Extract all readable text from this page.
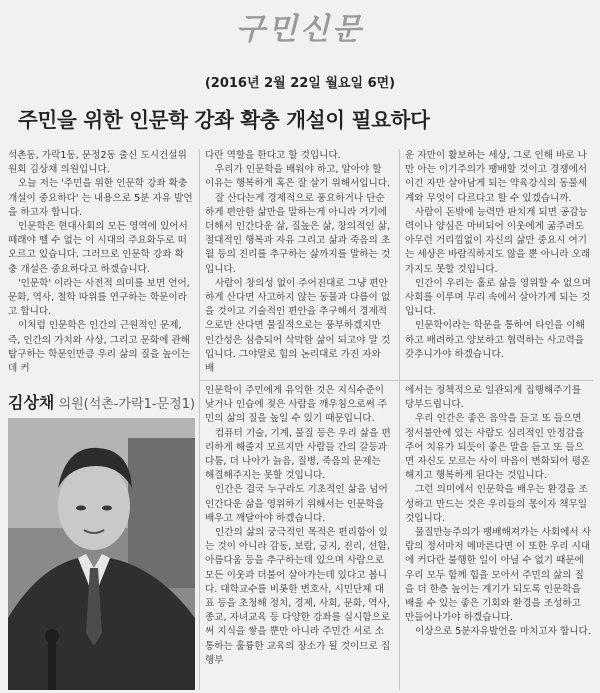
구민신문
(2016년 2월 22일 월요일 6면)
주민을 위한 인문학 강좌 확충 개설이 필요하다

석촌동, 가락1동, 문정2동 출신 도시건설위원회 김상채 의원입니다.

오늘 저는 '주민을 위한 인문학 강좌 확충 개설이 중요하다' 는 내용으로 5분 자유 발언을 하고자 합니다.

인문학은 현대사회의 모든 영역에 있어서 떼래야 뗄 수 없는 이 시대의 주요화두로 떠오르고 있습니다. 그러므로 인문학 강좌 확충 개설은 중요하다고 하겠습니다.

'인문학' 이라는 사전적 의미를 보면 언어, 문화, 역사, 철학 따위를 연구하는 학문이라고 합니다.

이처럼 인문학은 인간의 근원적인 문제, 즉, 인간의 가치와 사상, 그리고 문화에 관해 탐구하는 학문인만큼 우리 삶의 질을 높이는데 커

다란 역할을 한다고 할 것입니다.

우리가 인문학을 배워야 하고, 알아야 할 이유는 행복하게 혹은 잘 살기 위해서입니다.

잘 산다는게 경제적으로 풍요하거나 단순하게 편안한 삶만을 말하는게 아니라 거기에 더해서 인간다운 삶, 질높은 삶, 창의적인 삶, 절대적인 행복과 자유 그리고 삶과 죽음의 초월 등의 진리를 추구하는 삶까지를 말하는 것입니다.

사람이 창의성 없이 주어진대로 그냥 편안하게 산다면 사고하지 않는 동물과 다름이 없을 것이고 기술적인 편안을 추구해서 경제적으로만 산다면 물질적으로는 풍부하겠지만 인간성은 심층되어 삭막한 삶이 되고야 말 것입니다. 그야말로 힘의 논리대로 가진 자와 배

운 자만이 활보하는 세상, 그로 인해 바로 나만 아는 이기주의가 팽배할 것이고 경쟁에서 이긴 자만 살아남게 되는 약육강식의 동물세계와 무엇이 다르다고 할 수 있겠습니까.

사람이 돈밖에 능력만 판치게 되면 공감능력이나 양심은 마비되어 이웃에게 굶주려도 아무런 거리낌없이 자신의 삶만 중요시 여기는 세상은 바람직하지도 않을 뿐 아니라 오래가지도 못할 것입니다.

인간이 우리는 홀로 삶을 영위할 수 없으며 사회를 이루며 무리 속에서 살아가게 되는 것입니다.

인문학이라는 학문을 통하여 타인을 이해하고 배려하고 양보하고 협력하는 사고력을 갖추니가야 하겠습니다.

김상채 의원(석촌-가락1-문정1)

인문학이 주민에게 유익한 것은 지식수준이 낮거나 인습에 젖은 사람을 깨우침으로써 주민의 삶의 질을 높일 수 있기 때문입니다.

컴퓨터 기술, 기계, 물질 등은 우리 삶을 편리하게 해줄지 모르지만 사람들 간의 갈등과 다툼, 더 나아가 늙음, 질병, 죽음의 문제는 해결해주지는 못할 것입니다.

인간은 결국 누구라도 기초적인 삶을 넘어 인간다운 삶을 영위하기 위해서는 인문학을 배우고 깨달아야 하겠습니다.

인간의 삶의 궁극적인 목적은 편리함이 있는 것이 아니라 감동, 보람, 긍지, 진리, 선함, 아름다움 등을 추구하는데 있으며 사람으로 모든 이웃과 더불어 살아가는데 있다고 봅니다. 대학교수를 비롯한 변호사, 시민단체 대표 등을 초청해 정치, 경제, 사회, 문화, 역사, 종교, 자녀교육 등 다양한 강좌를 실시함으로써 지식을 쌓을 뿐만 아니라 주민간 서로 소통하는 훌륭한 교육의 장소가 될 것이므로 집행부

에서는 정책적으로 일관되게 집행해주기를 당부드립니다.

우리 인간은 좋은 음악을 듣고 또 들으면 정서불안에 있는 사람도 심리적인 안정감을 주어 치유가 되듯이 좋은 말을 듣고 또 들으면 자신도 모르는 사이 마음이 변화되어 평온해지고 행복하게 된다는 것입니다.

그런 의미에서 인문학을 배우는 환경을 조성하고 만드는 것은 우리들의 몫이자 책무일 것입니다.

물질만능주의가 팽배해져가는 사회에서 사람의 정서마저 메마른다면 이 또한 우리 시대에 커다란 불행한 일이 아닐 수 없기 때문에 우리 모두 함께 힘을 모아서 주민의 삶의 질을 더 한층 높이는 계기가 되도록 인문학을 배울 수 있는 좋은 기회와 환경을 조성하고 만들어나가야 하겠습니다.

이상으로 5분자유발언을 마치고자 합니다.
